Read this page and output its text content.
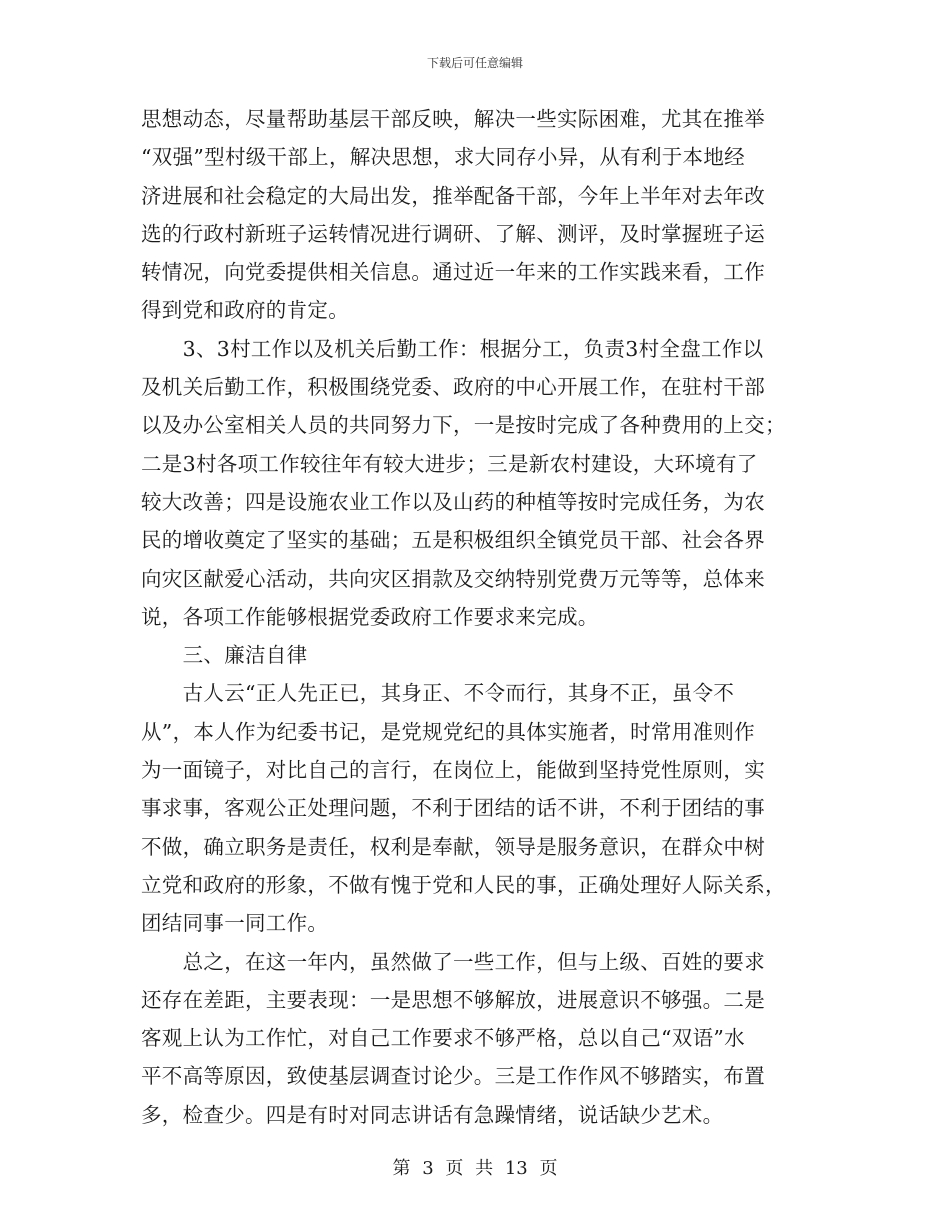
下载后可任意编辑
思想动态，尽量帮助基层干部反映，解决一些实际困难，尤其在推举
“双强”型村级干部上，解决思想，求大同存小异，从有利于本地经
济进展和社会稳定的大局出发，推举配备干部，今年上半年对去年改
选的行政村新班子运转情况进行调研、了解、测评，及时掌握班子运
转情况，向党委提供相关信息。通过近一年来的工作实践来看，工作
得到党和政府的肯定。
　　3、3村工作以及机关后勤工作：根据分工，负责3村全盘工作以
及机关后勤工作，积极围绕党委、政府的中心开展工作，在驻村干部
以及办公室相关人员的共同努力下，一是按时完成了各种费用的上交；
二是3村各项工作较往年有较大进步；三是新农村建设，大环境有了
较大改善；四是设施农业工作以及山药的种植等按时完成任务，为农
民的增收奠定了坚实的基础；五是积极组织全镇党员干部、社会各界
向灾区献爱心活动，共向灾区捐款及交纳特别党费万元等等，总体来
说，各项工作能够根据党委政府工作要求来完成。
　　三、廉洁自律
　　古人云“正人先正已，其身正、不令而行，其身不正，虽令不
从”，本人作为纪委书记，是党规党纪的具体实施者，时常用准则作
为一面镜子，对比自己的言行，在岗位上，能做到坚持党性原则，实
事求事，客观公正处理问题，不利于团结的话不讲，不利于团结的事
不做，确立职务是责任，权利是奉献，领导是服务意识，在群众中树
立党和政府的形象，不做有愧于党和人民的事，正确处理好人际关系，
团结同事一同工作。
　　总之，在这一年内，虽然做了一些工作，但与上级、百姓的要求
还存在差距，主要表现：一是思想不够解放，进展意识不够强。二是
客观上认为工作忙，对自己工作要求不够严格，总以自己“双语”水
平不高等原因，致使基层调查讨论少。三是工作作风不够踏实，布置
多，检查少。四是有时对同志讲话有急躁情绪，说话缺少艺术。
第 3 页 共 13 页
